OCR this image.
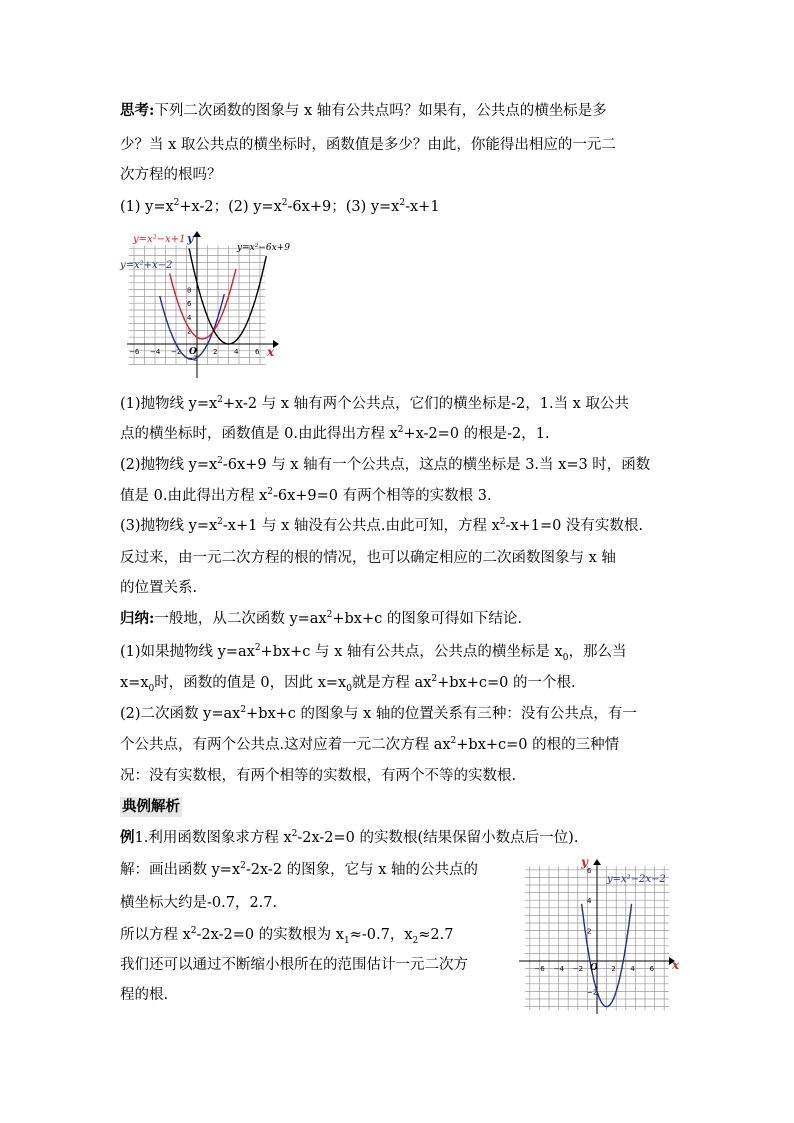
思考:下列二次函数的图象与 x 轴有公共点吗？如果有，公共点的横坐标是多
少？当 x 取公共点的横坐标时，函数值是多少？由此，你能得出相应的一元二
次方程的根吗？
(1) $y=x^2+x-2$；(2) $y=x^2-6x+9$；(3) $y=x^2-x+1$
−6 −4 −2	2 4 6
8
6
4
2
−2
y=x²−x+1
y=x²+x−2
y=x²−6x+9
y
x
O
(1)抛物线 $y=x^2+x-2$ 与 x 轴有两个公共点，它们的横坐标是-2，1.当 x 取公共
点的横坐标时，函数值是 0.由此得出方程 $x^2+x-2=0$ 的根是-2，1.
(2)抛物线 $y=x^2-6x+9$ 与 x 轴有一个公共点，这点的横坐标是 3.当 x=3 时，函数
值是 0.由此得出方程 $x^2-6x+9=0$ 有两个相等的实数根 3.
(3)抛物线 $y=x^2-x+1$ 与 x 轴没有公共点.由此可知，方程 $x^2-x+1=0$ 没有实数根.
反过来，由一元二次方程的根的情况，也可以确定相应的二次函数图象与 x 轴
的位置关系.
归纳:一般地，从二次函数 $y=ax^2+bx+c$ 的图象可得如下结论.
(1)如果抛物线 $y=ax^2+bx+c$ 与 x 轴有公共点，公共点的横坐标是 $x_0$，那么当
$x=x_0$时，函数的值是 0，因此 $x=x_0$就是方程 $ax^2+bx+c=0$ 的一个根.
(2)二次函数 $y=ax^2+bx+c$ 的图象与 x 轴的位置关系有三种：没有公共点，有一
个公共点，有两个公共点.这对应着一元二次方程 $ax^2+bx+c=0$ 的根的三种情
况：没有实数根，有两个相等的实数根，有两个不等的实数根.
典例解析
例1.利用函数图象求方程 $x^2-2x-2=0$ 的实数根(结果保留小数点后一位).
解：画出函数 $y=x^2-2x-2$ 的图象，它与 x 轴的公共点的
横坐标大约是-0.7，2.7.
所以方程 $x^2-2x-2=0$ 的实数根为 $x_1\approx-0.7$，$x_2\approx 2.7$
我们还可以通过不断缩小根所在的范围估计一元二次方
程的根.
−6 −4 −2	2 4 6
6
4
2
−2
y=x²−2x−2
y
x
O
